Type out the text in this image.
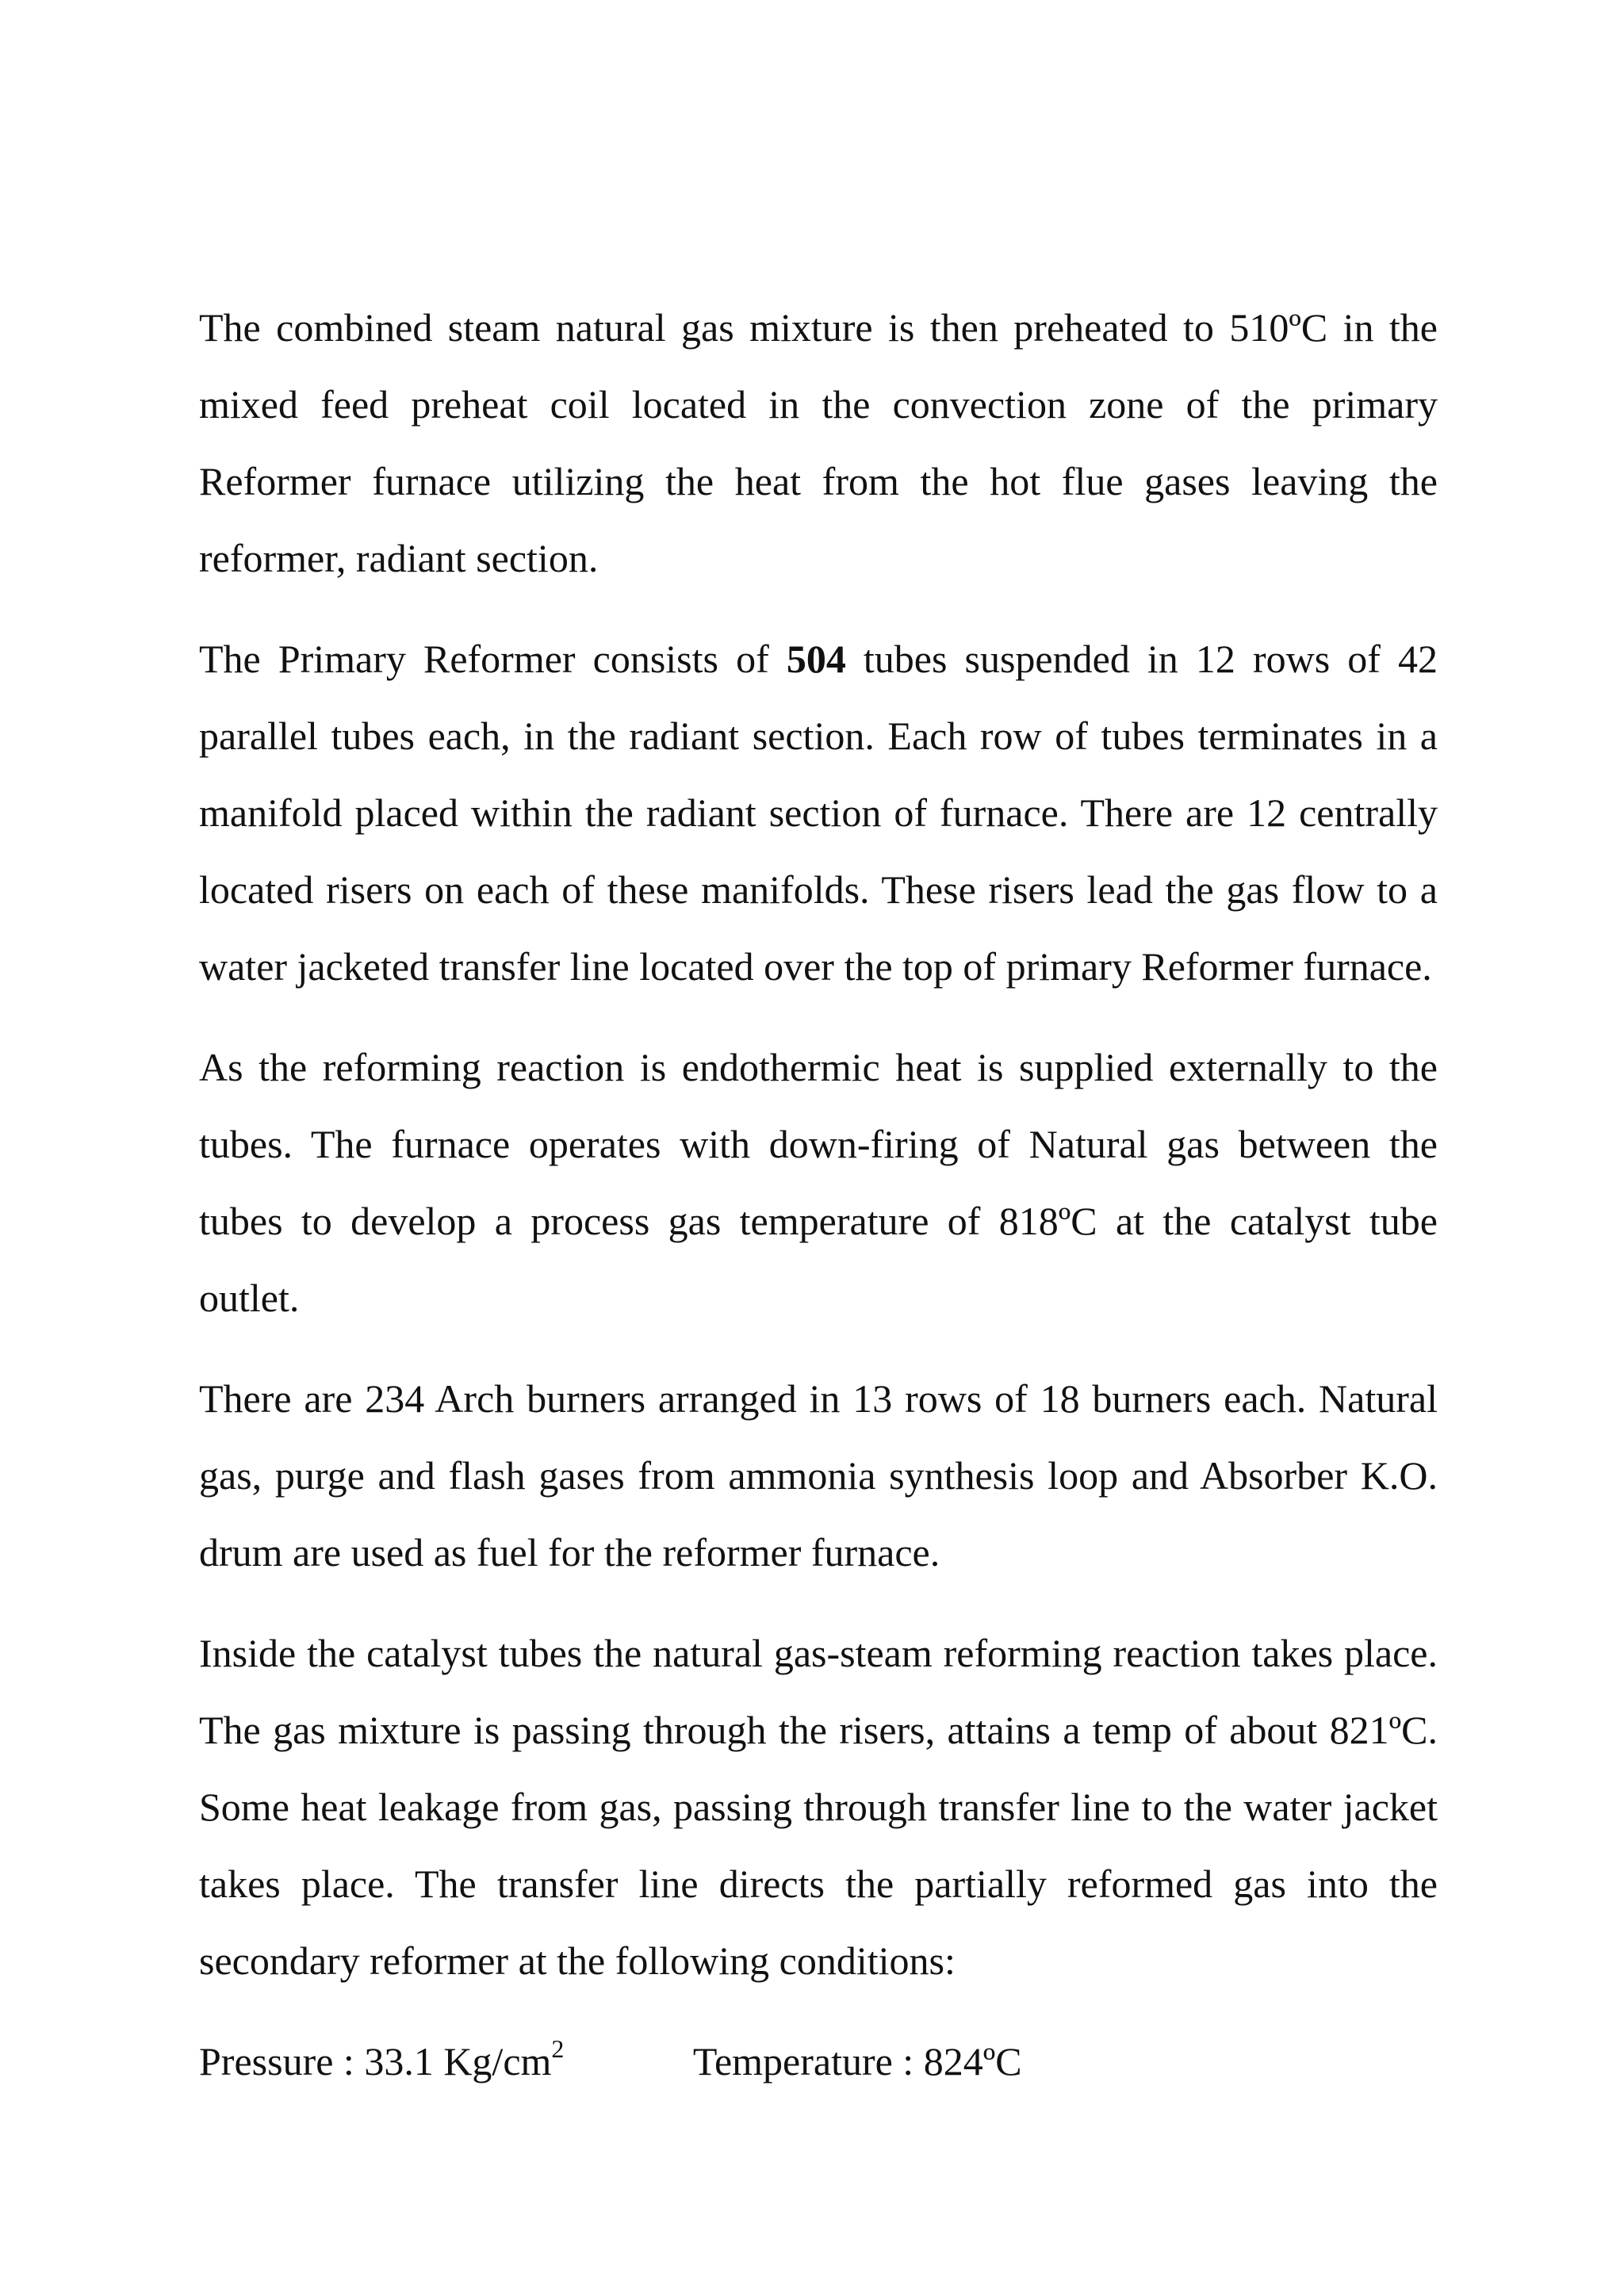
The combined steam natural gas mixture is then preheated to 510ºC in the mixed feed preheat coil located in the convection zone of the primary Reformer furnace utilizing the heat from the hot flue gases leaving the reformer, radiant section.

The Primary Reformer consists of 504 tubes suspended in 12 rows of 42 parallel tubes each, in the radiant section. Each row of tubes terminates in a manifold placed within the radiant section of furnace. There are 12 centrally located risers on each of these manifolds. These risers lead the gas flow to a water jacketed transfer line located over the top of primary Reformer furnace.

As the reforming reaction is endothermic heat is supplied externally to the tubes. The furnace operates with down-firing of Natural gas between the tubes to develop a process gas temperature of 818ºC at the catalyst tube outlet.

There are 234 Arch burners arranged in 13 rows of 18 burners each. Natural gas, purge and flash gases from ammonia synthesis loop and Absorber K.O. drum are used as fuel for the reformer furnace.

Inside the catalyst tubes the natural gas-steam reforming reaction takes place. The gas mixture is passing through the risers, attains a temp of about 821ºC. Some heat leakage from gas, passing through transfer line to the water jacket takes place. The transfer line directs the partially reformed gas into the secondary reformer at the following conditions:

Pressure : 33.1 $Kg/cm^2$	Temperature : 824ºC
